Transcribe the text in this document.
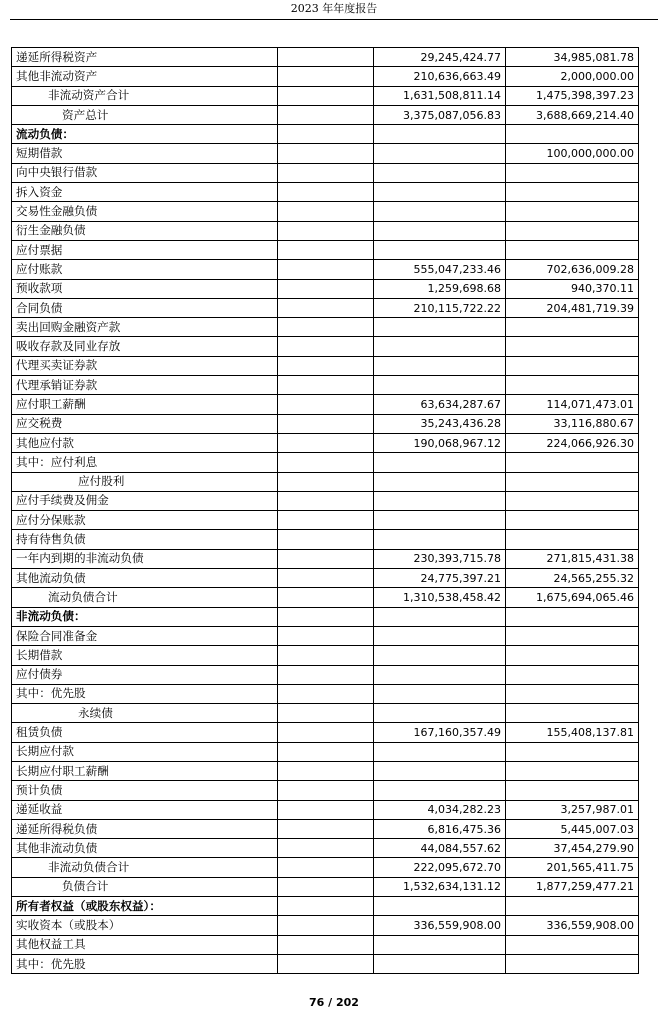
2023 年年度报告
递延所得税资产		29,245,424.77	34,985,081.78
其他非流动资产		210,636,663.49	2,000,000.00
非流动资产合计		1,631,508,811.14	1,475,398,397.23
资产总计		3,375,087,056.83	3,688,669,214.40
流动负债：			
短期借款			100,000,000.00
向中央银行借款			
拆入资金			
交易性金融负债			
衍生金融负债			
应付票据			
应付账款		555,047,233.46	702,636,009.28
预收款项		1,259,698.68	940,370.11
合同负债		210,115,722.22	204,481,719.39
卖出回购金融资产款			
吸收存款及同业存放			
代理买卖证券款			
代理承销证券款			
应付职工薪酬		63,634,287.67	114,071,473.01
应交税费		35,243,436.28	33,116,880.67
其他应付款		190,068,967.12	224,066,926.30
其中：应付利息			
应付股利			
应付手续费及佣金			
应付分保账款			
持有待售负债			
一年内到期的非流动负债		230,393,715.78	271,815,431.38
其他流动负债		24,775,397.21	24,565,255.32
流动负债合计		1,310,538,458.42	1,675,694,065.46
非流动负债：			
保险合同准备金			
长期借款			
应付债券			
其中：优先股			
永续债			
租赁负债		167,160,357.49	155,408,137.81
长期应付款			
长期应付职工薪酬			
预计负债			
递延收益		4,034,282.23	3,257,987.01
递延所得税负债		6,816,475.36	5,445,007.03
其他非流动负债		44,084,557.62	37,454,279.90
非流动负债合计		222,095,672.70	201,565,411.75
负债合计		1,532,634,131.12	1,877,259,477.21
所有者权益（或股东权益）：			
实收资本（或股本）		336,559,908.00	336,559,908.00
其他权益工具			
其中：优先股			
76 / 202
